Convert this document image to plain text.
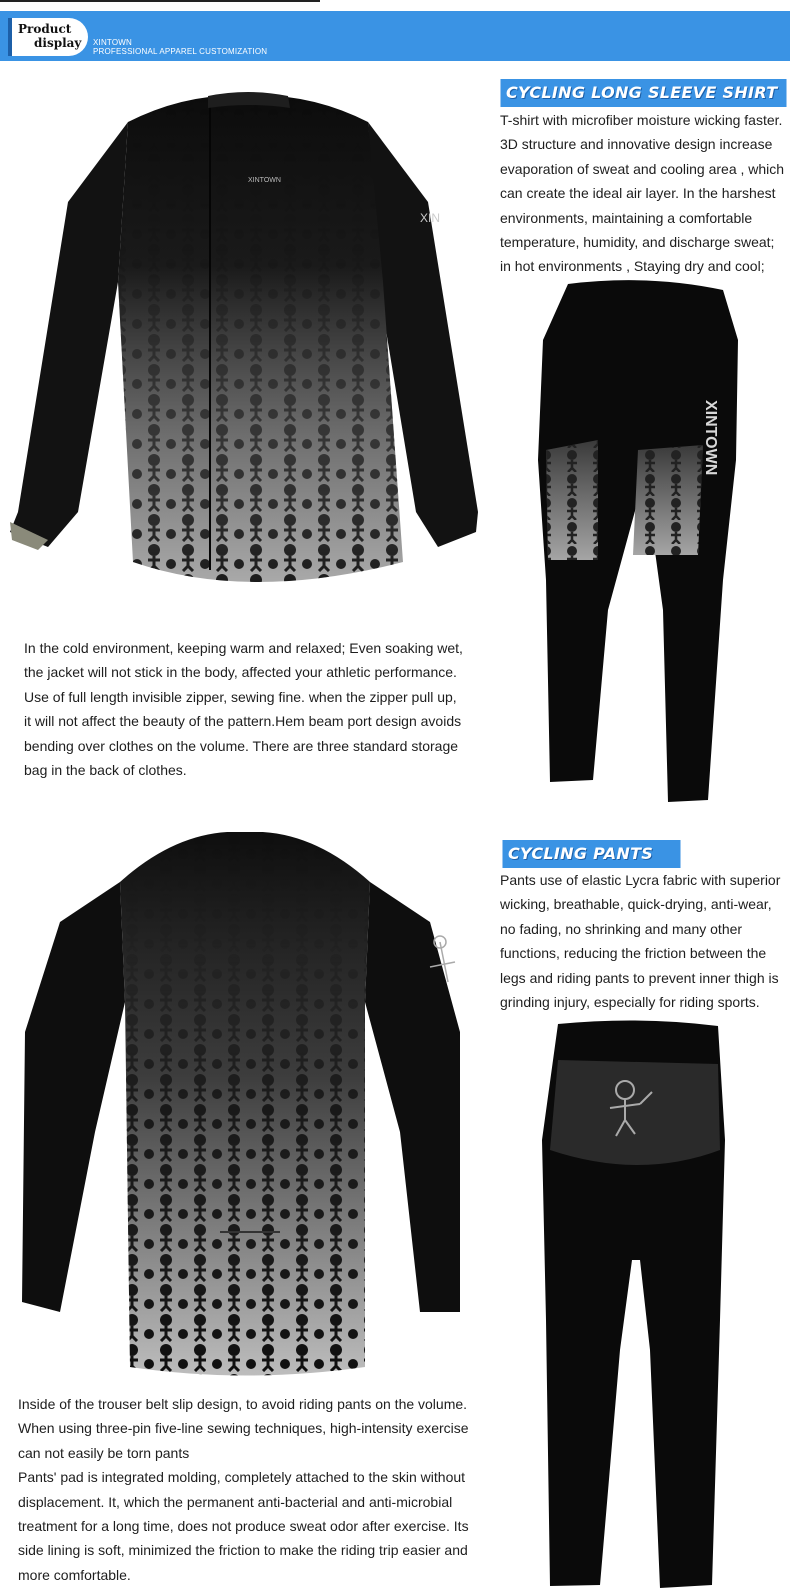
Product
display XINTOWN
PROFESSIONAL APPAREL CUSTOMIZATION
CYCLING LONG SLEEVE SHIRT
T-shirt with microfiber moisture wicking faster.
3D structure and innovative design increase
evaporation of sweat and cooling area , which
can create the ideal air layer. In the harshest
environments, maintaining a comfortable
temperature, humidity, and discharge sweat;
in hot environments , Staying dry and cool;
XINTOWN
XIN
XINTOWN
In the cold environment, keeping warm and relaxed; Even soaking wet,
the jacket will not stick in the body, affected your athletic performance.
Use of full length invisible zipper, sewing fine. when the zipper pull up,
it will not affect the beauty of the pattern.Hem beam port design avoids
bending over clothes on the volume. There are three standard storage
bag in the back of clothes.
CYCLING PANTS
Pants use of elastic Lycra fabric with superior
wicking, breathable, quick-drying, anti-wear,
no fading, no shrinking and many other
functions, reducing the friction between the
legs and riding pants to prevent inner thigh is
grinding injury, especially for riding sports.
Inside of the trouser belt slip design, to avoid riding pants on the volume.
When using three-pin five-line sewing techniques, high-intensity exercise
can not easily be torn pants
Pants' pad is integrated molding, completely attached to the skin without
displacement. It, which the permanent anti-bacterial and anti-microbial
treatment for a long time, does not produce sweat odor after exercise. Its
side lining is soft, minimized the friction to make the riding trip easier and
more comfortable.
